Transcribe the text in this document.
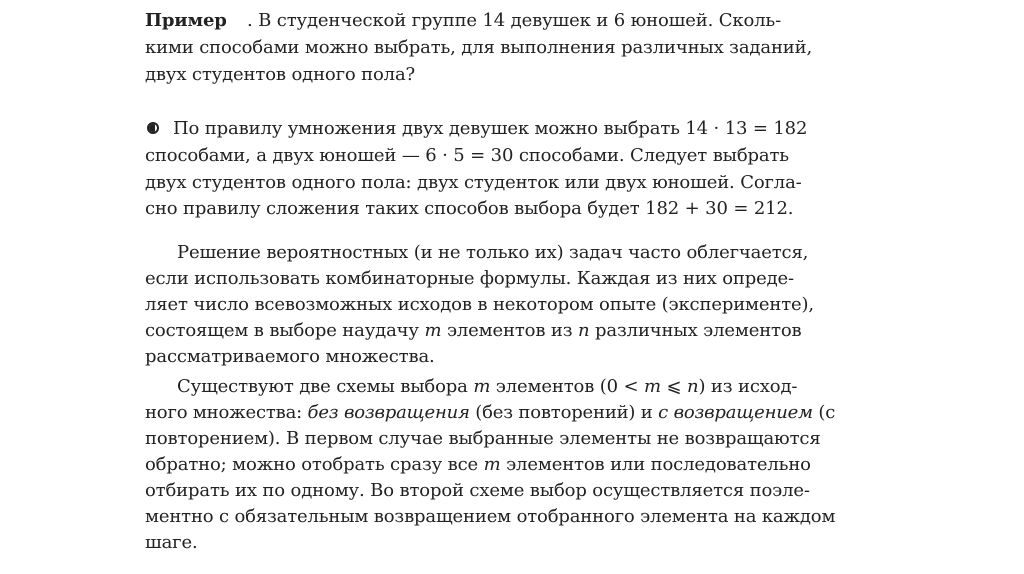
Пример . В студенческой группе 14 девушек и 6 юношей. Сколь-
кими способами можно выбрать, для выполнения различных заданий,
двух студентов одного пола?
По правилу умножения двух девушек можно выбрать 14 · 13 = 182
способами, а двух юношей — 6 · 5 = 30 способами. Следует выбрать
двух студентов одного пола: двух студенток или двух юношей. Согла-
сно правилу сложения таких способов выбора будет 182 + 30 = 212.
Решение вероятностных (и не только их) задач часто облегчается,
если использовать комбинаторные формулы. Каждая из них опреде-
ляет число всевозможных исходов в некотором опыте (эксперименте),
состоящем в выборе наудачу m элементов из n различных элементов
рассматриваемого множества.
Существуют две схемы выбора m элементов (0 < m ⩽ n) из исход-
ного множества: без возвращения (без повторений) и с возвращением (с
повторением). В первом случае выбранные элементы не возвращаются
обратно; можно отобрать сразу все m элементов или последовательно
отбирать их по одному. Во второй схеме выбор осуществляется поэле-
ментно с обязательным возвращением отобранного элемента на каждом
шаге.
